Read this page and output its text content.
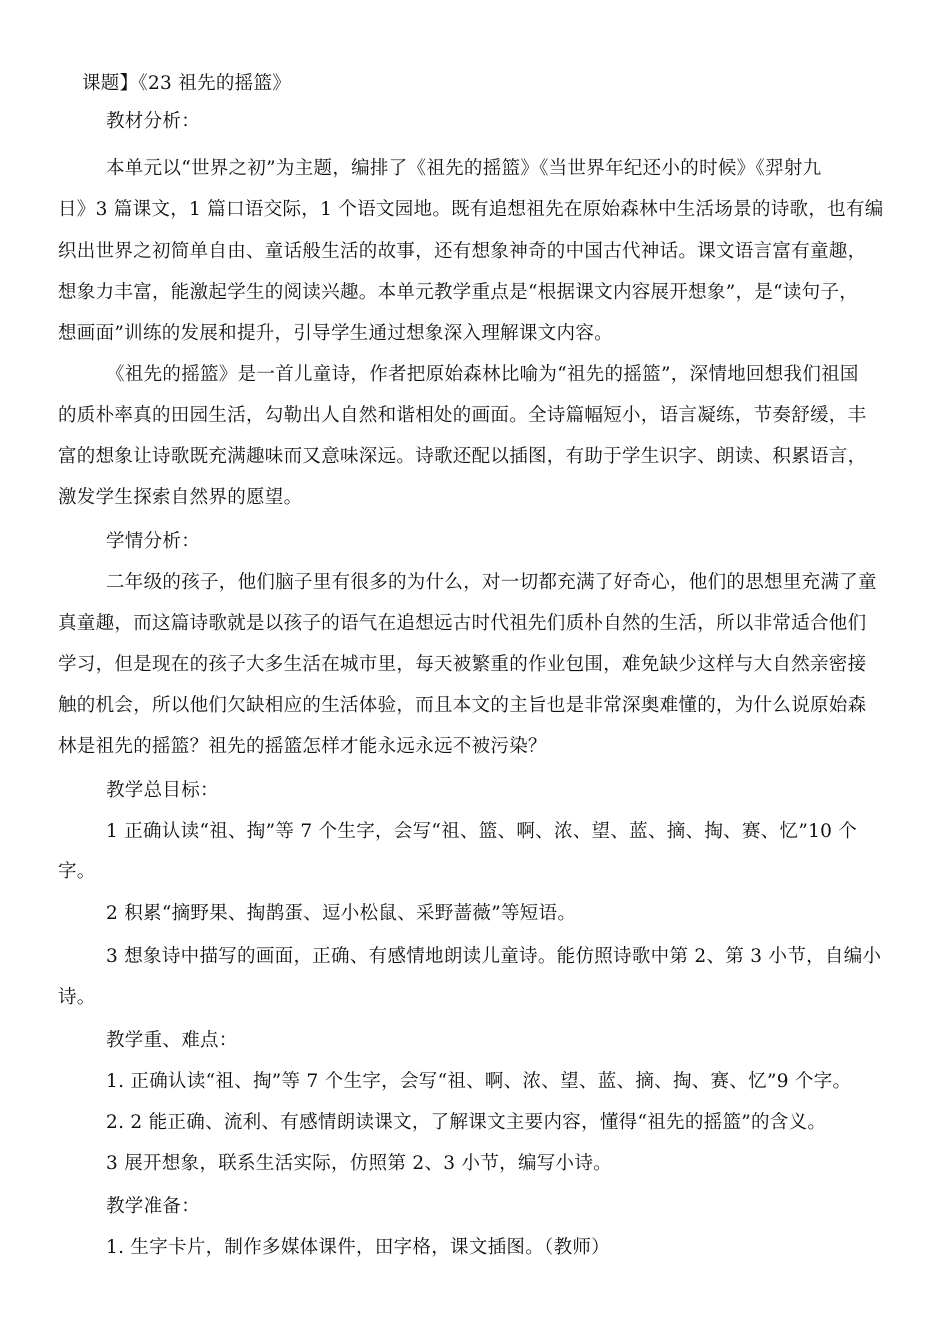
课题】《23 祖先的摇篮》
教材分析：
本单元以“世界之初”为主题，编排了《祖先的摇篮》《当世界年纪还小的时候》《羿射九
日》3 篇课文，1 篇口语交际，1 个语文园地。既有追想祖先在原始森林中生活场景的诗歌，也有编
织出世界之初简单自由、童话般生活的故事，还有想象神奇的中国古代神话。课文语言富有童趣，
想象力丰富，能激起学生的阅读兴趣。本单元教学重点是“根据课文内容展开想象”，是“读句子，
想画面”训练的发展和提升，引导学生通过想象深入理解课文内容。
《祖先的摇篮》是一首儿童诗，作者把原始森林比喻为“祖先的摇篮”，深情地回想我们祖国
的质朴率真的田园生活，勾勒出人自然和谐相处的画面。全诗篇幅短小，语言凝练，节奏舒缓，丰
富的想象让诗歌既充满趣味而又意味深远。诗歌还配以插图，有助于学生识字、朗读、积累语言，
激发学生探索自然界的愿望。
学情分析：
二年级的孩子，他们脑子里有很多的为什么，对一切都充满了好奇心，他们的思想里充满了童
真童趣，而这篇诗歌就是以孩子的语气在追想远古时代祖先们质朴自然的生活，所以非常适合他们
学习，但是现在的孩子大多生活在城市里，每天被繁重的作业包围，难免缺少这样与大自然亲密接
触的机会，所以他们欠缺相应的生活体验，而且本文的主旨也是非常深奥难懂的，为什么说原始森
林是祖先的摇篮？祖先的摇篮怎样才能永远永远不被污染？
教学总目标：
1 正确认读“祖、掏”等 7 个生字，会写“祖、篮、啊、浓、望、蓝、摘、掏、赛、忆”10 个
字。
2 积累“摘野果、掏鹊蛋、逗小松鼠、采野蔷薇”等短语。
3 想象诗中描写的画面，正确、有感情地朗读儿童诗。能仿照诗歌中第 2、第 3 小节，自编小
诗。
教学重、难点：
1. 正确认读“祖、掏”等 7 个生字，会写“祖、啊、浓、望、蓝、摘、掏、赛、忆”9 个字。
2. 2 能正确、流利、有感情朗读课文，了解课文主要内容，懂得“祖先的摇篮”的含义。
3 展开想象，联系生活实际，仿照第 2、3 小节，编写小诗。
教学准备：
1. 生字卡片，制作多媒体课件，田字格，课文插图。（教师）
